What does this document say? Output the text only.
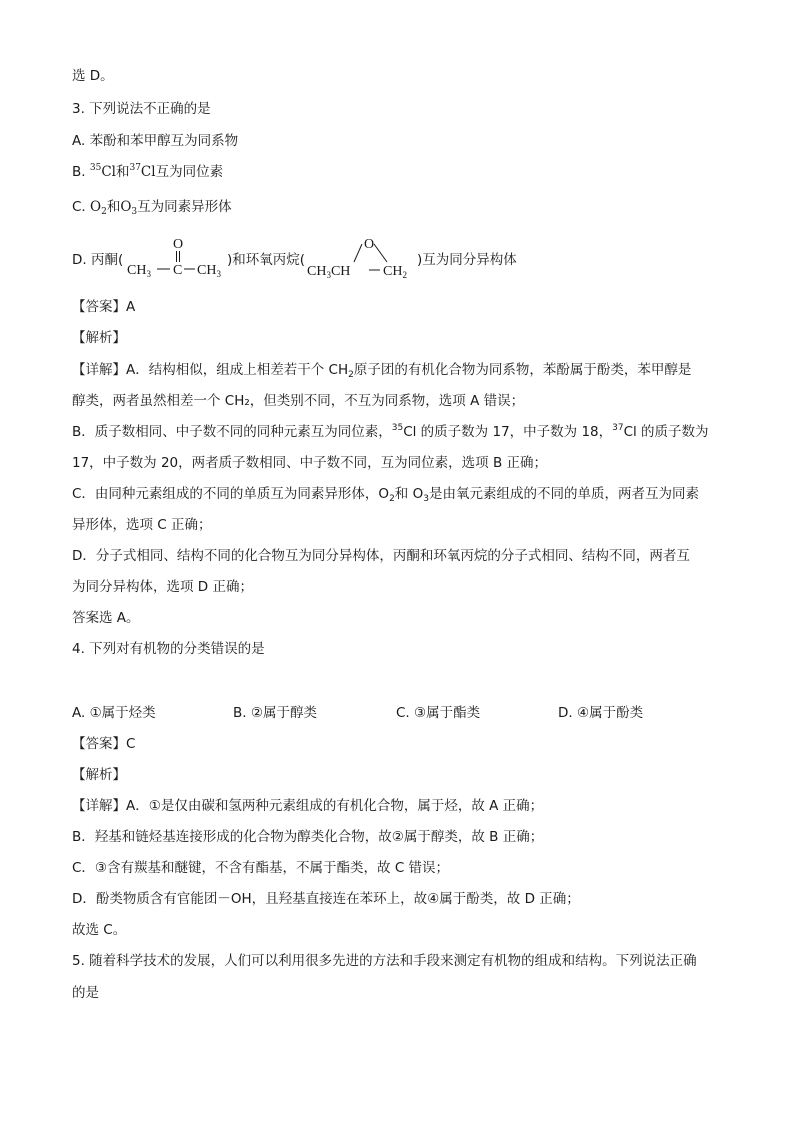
选 D。
3. 下列说法不正确的是
A. 苯酚和苯甲醇互为同系物
B. $^{35}$Cl和$^{37}$Cl互为同位素
C. $O_2$和$O_3$互为同素异形体
D. 丙酮(
O
$CH_3$ C $CH_3$
)和环氧丙烷(
O
$CH_3CH$ $CH_2$
)互为同分异构体
【答案】A
【解析】
【详解】A．结构相似，组成上相差若干个 $CH_2$原子团的有机化合物为同系物，苯酚属于酚类，苯甲醇是
醇类，两者虽然相差一个 CH₂，但类别不同，不互为同系物，选项 A 错误；
B．质子数相同、中子数不同的同种元素互为同位素，$^{35}$Cl 的质子数为 17，中子数为 18，$^{37}$Cl 的质子数为
17，中子数为 20，两者质子数相同、中子数不同，互为同位素，选项 B 正确；
C．由同种元素组成的不同的单质互为同素异形体，$O_2$和 $O_3$是由氧元素组成的不同的单质，两者互为同素
异形体，选项 C 正确；
D．分子式相同、结构不同的化合物互为同分异构体，丙酮和环氧丙烷的分子式相同、结构不同，两者互
为同分异构体，选项 D 正确；
答案选 A。
4. 下列对有机物的分类错误的是
A. ①属于烃类	B. ②属于醇类	C. ③属于酯类	D. ④属于酚类
【答案】C
【解析】
【详解】A．①是仅由碳和氢两种元素组成的有机化合物，属于烃，故 A 正确；
B．羟基和链烃基连接形成的化合物为醇类化合物，故②属于醇类，故 B 正确；
C．③含有羰基和醚键，不含有酯基，不属于酯类，故 C 错误；
D．酚类物质含有官能团－OH，且羟基直接连在苯环上，故④属于酚类，故 D 正确；
故选 C。
5. 随着科学技术的发展，人们可以利用很多先进的方法和手段来测定有机物的组成和结构。下列说法正确
的是
